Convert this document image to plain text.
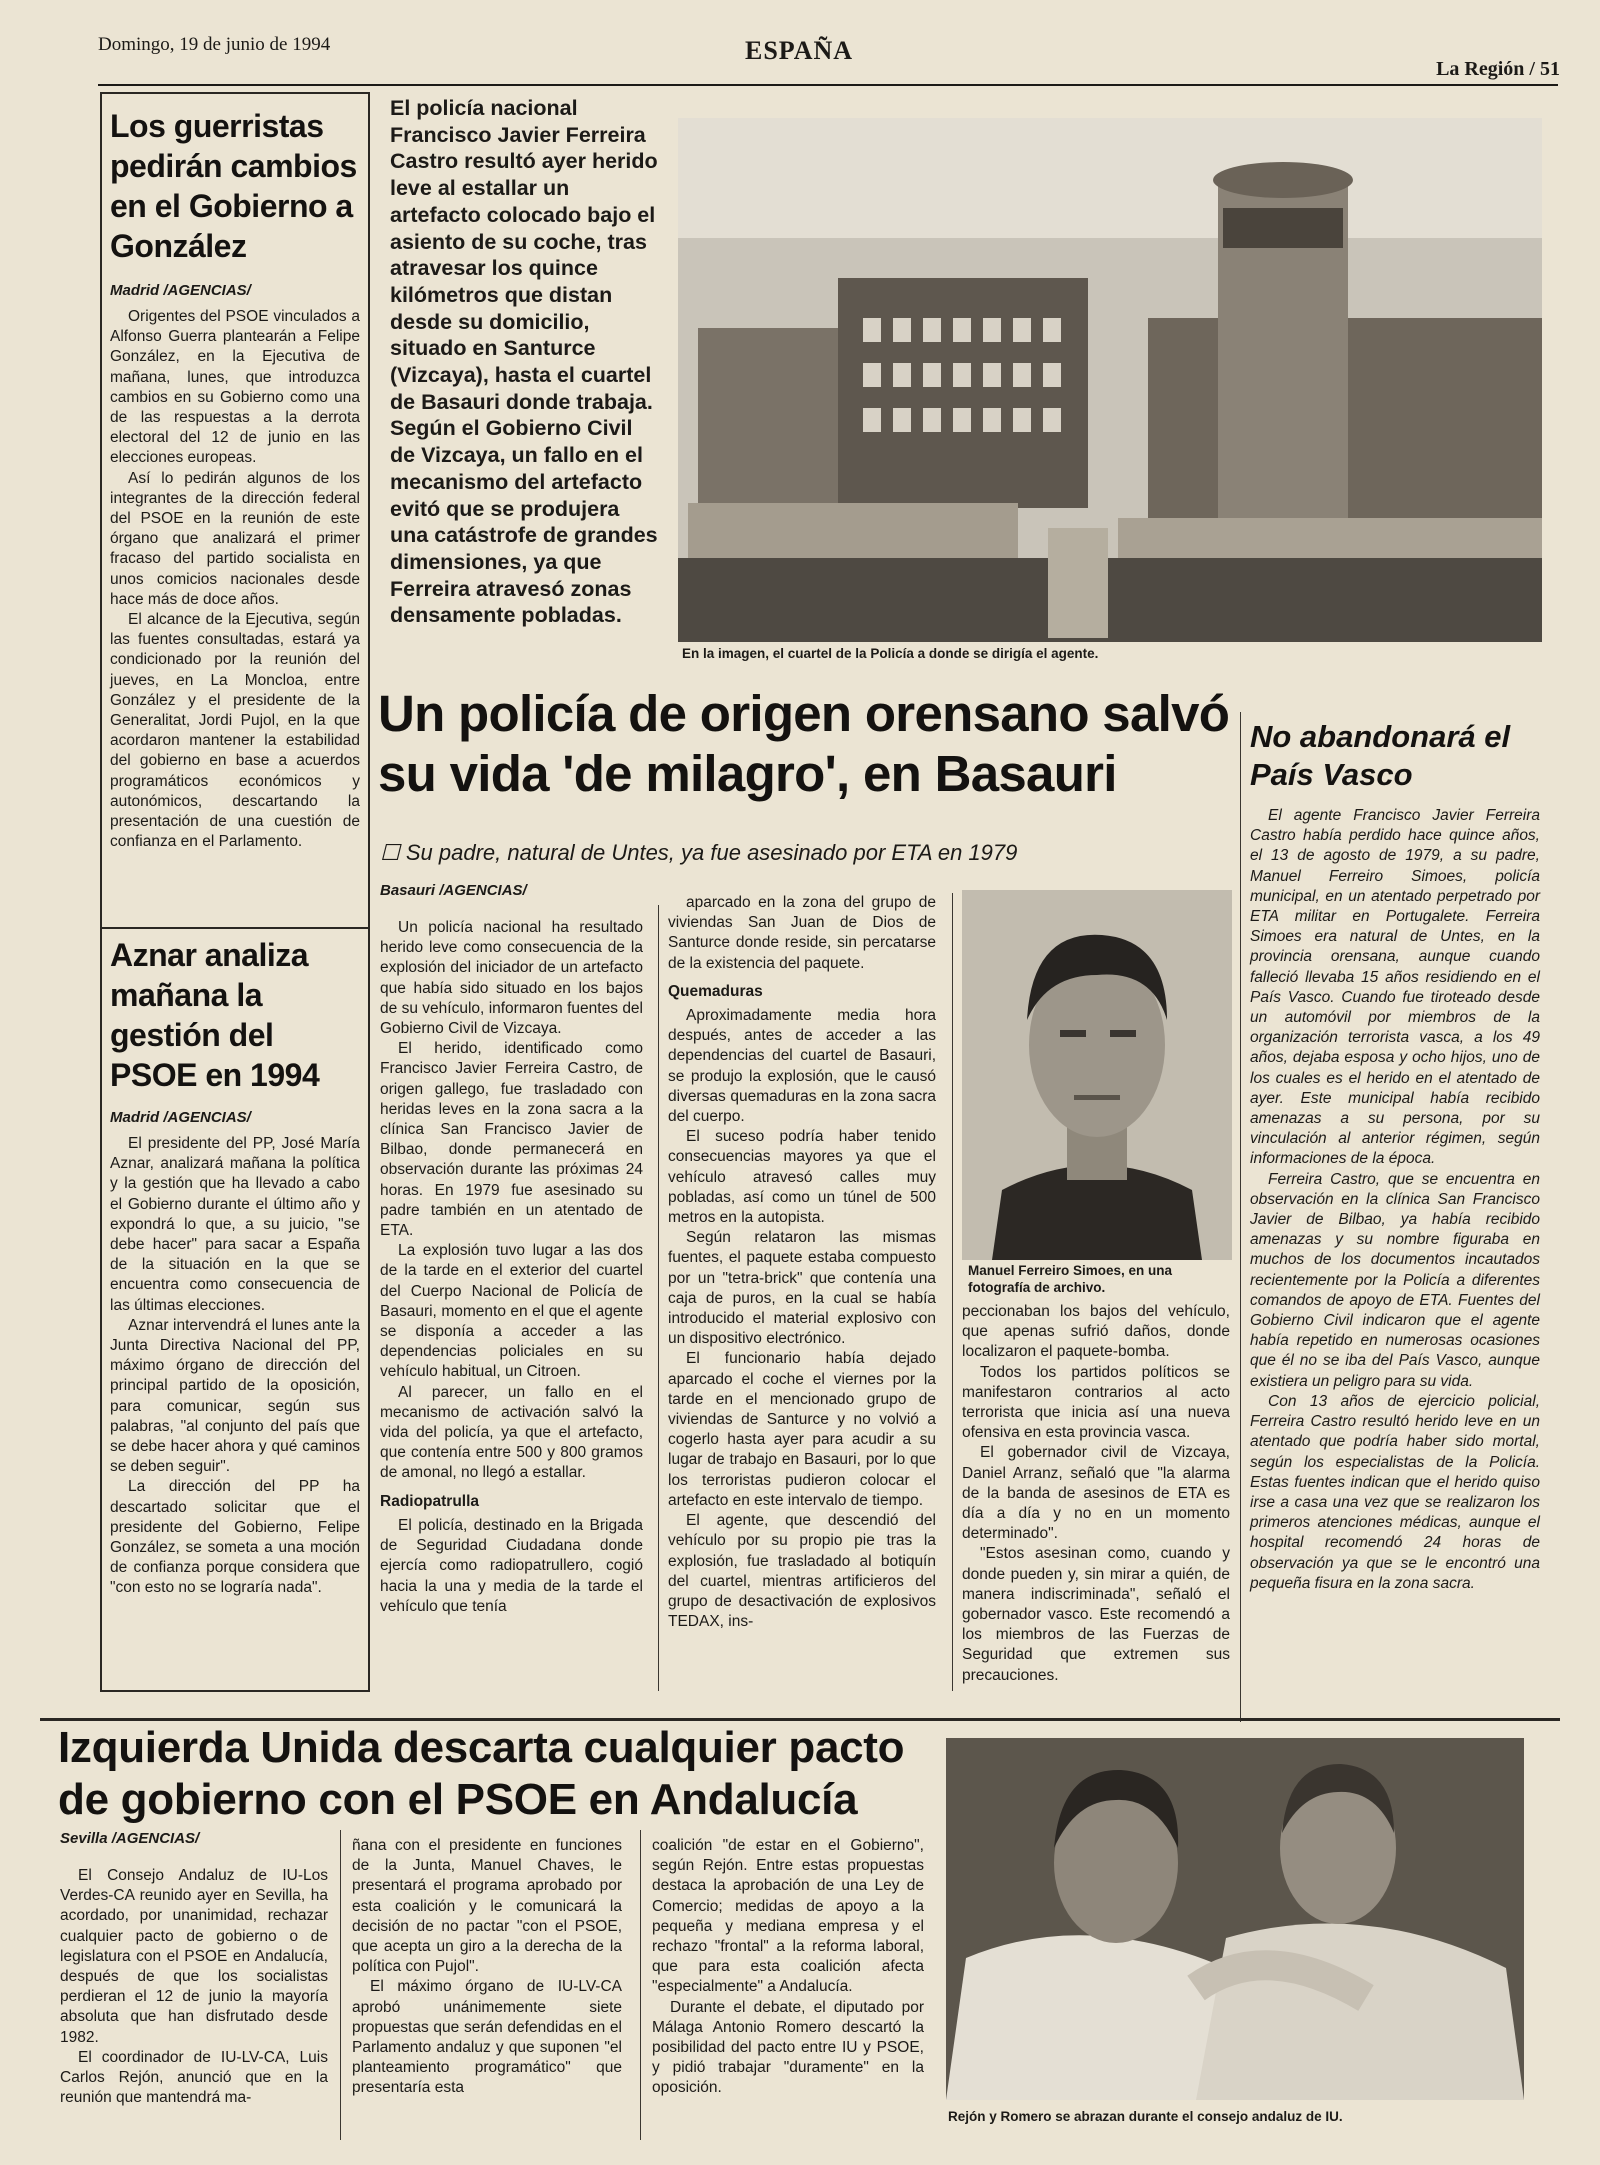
Domingo, 19 de junio de 1994	ESPAÑA
La Región / 51
Los guerristas pedirán cambios en el Gobierno a González
Madrid /AGENCIAS/

Origentes del PSOE vinculados a Alfonso Guerra plantearán a Felipe González, en la Ejecutiva de mañana, lunes, que introduzca cambios en su Gobierno como una de las respuestas a la derrota electoral del 12 de junio en las elecciones europeas.

Así lo pedirán algunos de los integrantes de la dirección federal del PSOE en la reunión de este órgano que analizará el primer fracaso del partido socialista en unos comicios nacionales desde hace más de doce años.

El alcance de la Ejecutiva, según las fuentes consultadas, estará ya condicionado por la reunión del jueves, en La Moncloa, entre González y el presidente de la Generalitat, Jordi Pujol, en la que acordaron mantener la estabilidad del gobierno en base a acuerdos programáticos económicos y autonómicos, descartando la presentación de una cuestión de confianza en el Parlamento.

Aznar analiza mañana la gestión del PSOE en 1994
Madrid /AGENCIAS/

El presidente del PP, José María Aznar, analizará mañana la política y la gestión que ha llevado a cabo el Gobierno durante el último año y expondrá lo que, a su juicio, "se debe hacer" para sacar a España de la situación en la que se encuentra como consecuencia de las últimas elecciones.

Aznar intervendrá el lunes ante la Junta Directiva Nacional del PP, máximo órgano de dirección del principal partido de la oposición, para comunicar, según sus palabras, "al conjunto del país que se debe hacer ahora y qué caminos se deben seguir".

La dirección del PP ha descartado solicitar que el presidente del Gobierno, Felipe González, se someta a una moción de confianza porque considera que "con esto no se lograría nada".

El policía nacional Francisco Javier Ferreira Castro resultó ayer herido leve al estallar un artefacto colocado bajo el asiento de su coche, tras atravesar los quince kilómetros que distan desde su domicilio, situado en Santurce (Vizcaya), hasta el cuartel de Basauri donde trabaja. Según el Gobierno Civil de Vizcaya, un fallo en el mecanismo del artefacto evitó que se produjera una catástrofe de grandes dimensiones, ya que Ferreira atravesó zonas densamente pobladas.
En la imagen, el cuartel de la Policía a donde se dirigía el agente.
Un policía de origen orensano salvó su vida 'de milagro', en Basauri
☐ Su padre, natural de Untes, ya fue asesinado por ETA en 1979
Basauri /AGENCIAS/

Un policía nacional ha resultado herido leve como consecuencia de la explosión del iniciador de un artefacto que había sido situado en los bajos de su vehículo, informaron fuentes del Gobierno Civil de Vizcaya.

El herido, identificado como Francisco Javier Ferreira Castro, de origen gallego, fue trasladado con heridas leves en la zona sacra a la clínica San Francisco Javier de Bilbao, donde permanecerá en observación durante las próximas 24 horas. En 1979 fue asesinado su padre también en un atentado de ETA.

La explosión tuvo lugar a las dos de la tarde en el exterior del cuartel del Cuerpo Nacional de Policía de Basauri, momento en el que el agente se disponía a acceder a las dependencias policiales en su vehículo habitual, un Citroen.

Al parecer, un fallo en el mecanismo de activación salvó la vida del policía, ya que el artefacto, que contenía entre 500 y 800 gramos de amonal, no llegó a estallar.

Radiopatrulla

El policía, destinado en la Brigada de Seguridad Ciudadana donde ejercía como radiopatrullero, cogió hacia la una y media de la tarde el vehículo que tenía

aparcado en la zona del grupo de viviendas San Juan de Dios de Santurce donde reside, sin percatarse de la existencia del paquete.

Quemaduras

Aproximadamente media hora después, antes de acceder a las dependencias del cuartel de Basauri, se produjo la explosión, que le causó diversas quemaduras en la zona sacra del cuerpo.

El suceso podría haber tenido consecuencias mayores ya que el vehículo atravesó calles muy pobladas, así como un túnel de 500 metros en la autopista.

Según relataron las mismas fuentes, el paquete estaba compuesto por un "tetra-brick" que contenía una caja de puros, en la cual se había introducido el material explosivo con un dispositivo electrónico.

El funcionario había dejado aparcado el coche el viernes por la tarde en el mencionado grupo de viviendas de Santurce y no volvió a cogerlo hasta ayer para acudir a su lugar de trabajo en Basauri, por lo que los terroristas pudieron colocar el artefacto en este intervalo de tiempo.

El agente, que descendió del vehículo por su propio pie tras la explosión, fue trasladado al botiquín del cuartel, mientras artificieros del grupo de desactivación de explosivos TEDAX, ins-

Manuel Ferreiro Simoes, en una fotografía de archivo.

peccionaban los bajos del vehículo, que apenas sufrió daños, donde localizaron el paquete-bomba.

Todos los partidos políticos se manifestaron contrarios al acto terrorista que inicia así una nueva ofensiva en esta provincia vasca.

El gobernador civil de Vizcaya, Daniel Arranz, señaló que "la alarma de la banda de asesinos de ETA es día a día y no en un momento determinado".

"Estos asesinan como, cuando y donde pueden y, sin mirar a quién, de manera indiscriminada", señaló el gobernador vasco. Este recomendó a los miembros de las Fuerzas de Seguridad que extremen sus precauciones.

No abandonará el País Vasco

El agente Francisco Javier Ferreira Castro había perdido hace quince años, el 13 de agosto de 1979, a su padre, Manuel Ferreiro Simoes, policía municipal, en un atentado perpetrado por ETA militar en Portugalete. Ferreira Simoes era natural de Untes, en la provincia orensana, aunque cuando falleció llevaba 15 años residiendo en el País Vasco. Cuando fue tiroteado desde un automóvil por miembros de la organización terrorista vasca, a los 49 años, dejaba esposa y ocho hijos, uno de los cuales es el herido en el atentado de ayer. Este municipal había recibido amenazas a su persona, por su vinculación al anterior régimen, según informaciones de la época.

Ferreira Castro, que se encuentra en observación en la clínica San Francisco Javier de Bilbao, ya había recibido amenazas y su nombre figuraba en muchos de los documentos incautados recientemente por la Policía a diferentes comandos de apoyo de ETA. Fuentes del Gobierno Civil indicaron que el agente había repetido en numerosas ocasiones que él no se iba del País Vasco, aunque existiera un peligro para su vida.

Con 13 años de ejercicio policial, Ferreira Castro resultó herido leve en un atentado que podría haber sido mortal, según los especialistas de la Policía. Estas fuentes indican que el herido quiso irse a casa una vez que se realizaron los primeros atenciones médicas, aunque el hospital recomendó 24 horas de observación ya que se le encontró una pequeña fisura en la zona sacra.

Izquierda Unida descarta cualquier pacto de gobierno con el PSOE en Andalucía
Sevilla /AGENCIAS/

El Consejo Andaluz de IU-Los Verdes-CA reunido ayer en Sevilla, ha acordado, por unanimidad, rechazar cualquier pacto de gobierno o de legislatura con el PSOE en Andalucía, después de que los socialistas perdieran el 12 de junio la mayoría absoluta que han disfrutado desde 1982.

El coordinador de IU-LV-CA, Luis Carlos Rejón, anunció que en la reunión que mantendrá ma-

ñana con el presidente en funciones de la Junta, Manuel Chaves, le presentará el programa aprobado por esta coalición y le comunicará la decisión de no pactar "con el PSOE, que acepta un giro a la derecha de la política con Pujol".

El máximo órgano de IU-LV-CA aprobó unánimemente siete propuestas que serán defendidas en el Parlamento andaluz y que suponen "el planteamiento programático" que presentaría esta

coalición "de estar en el Gobierno", según Rejón. Entre estas propuestas destaca la aprobación de una Ley de Comercio; medidas de apoyo a la pequeña y mediana empresa y el rechazo "frontal" a la reforma laboral, que para esta coalición afecta "especialmente" a Andalucía.

Durante el debate, el diputado por Málaga Antonio Romero descartó la posibilidad del pacto entre IU y PSOE, y pidió trabajar "duramente" en la oposición.

Rejón y Romero se abrazan durante el consejo andaluz de IU.
